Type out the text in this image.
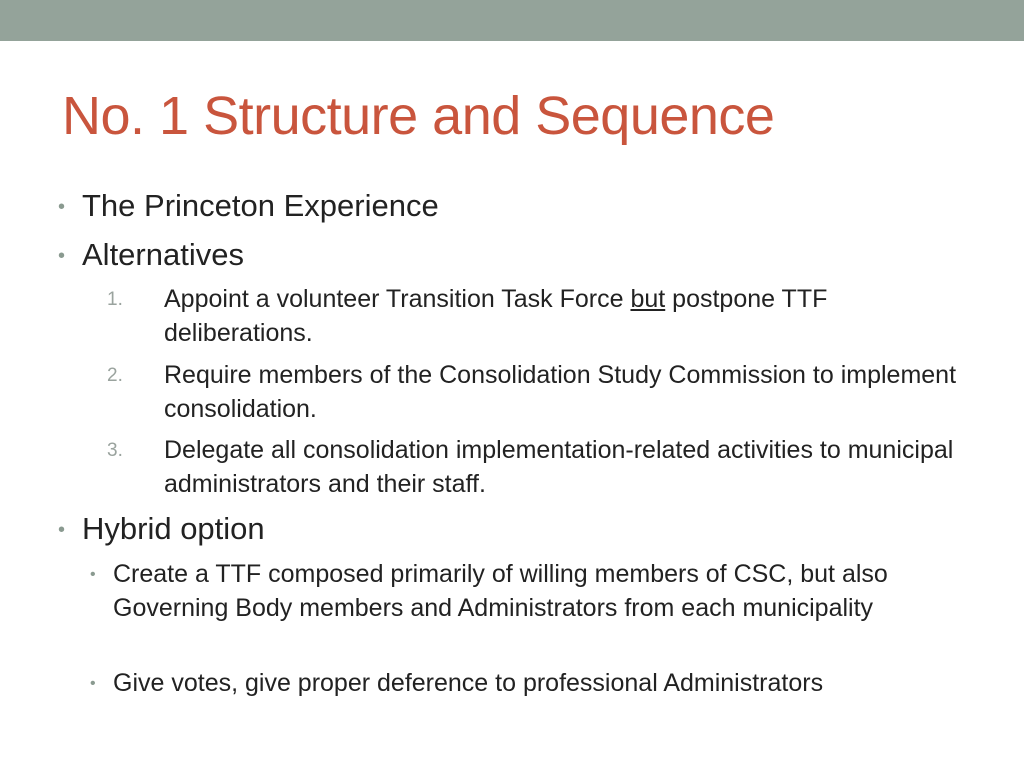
No. 1 Structure and Sequence
• The Princeton Experience
• Alternatives
1. Appoint a volunteer Transition Task Force but postpone TTF deliberations.
2. Require members of the Consolidation Study Commission to implement consolidation.
3. Delegate all consolidation implementation-related activities to municipal administrators and their staff.
• Hybrid option
• Create a TTF composed primarily of willing members of CSC, but also Governing Body members and Administrators from each municipality
• Give votes, give proper deference to professional Administrators
